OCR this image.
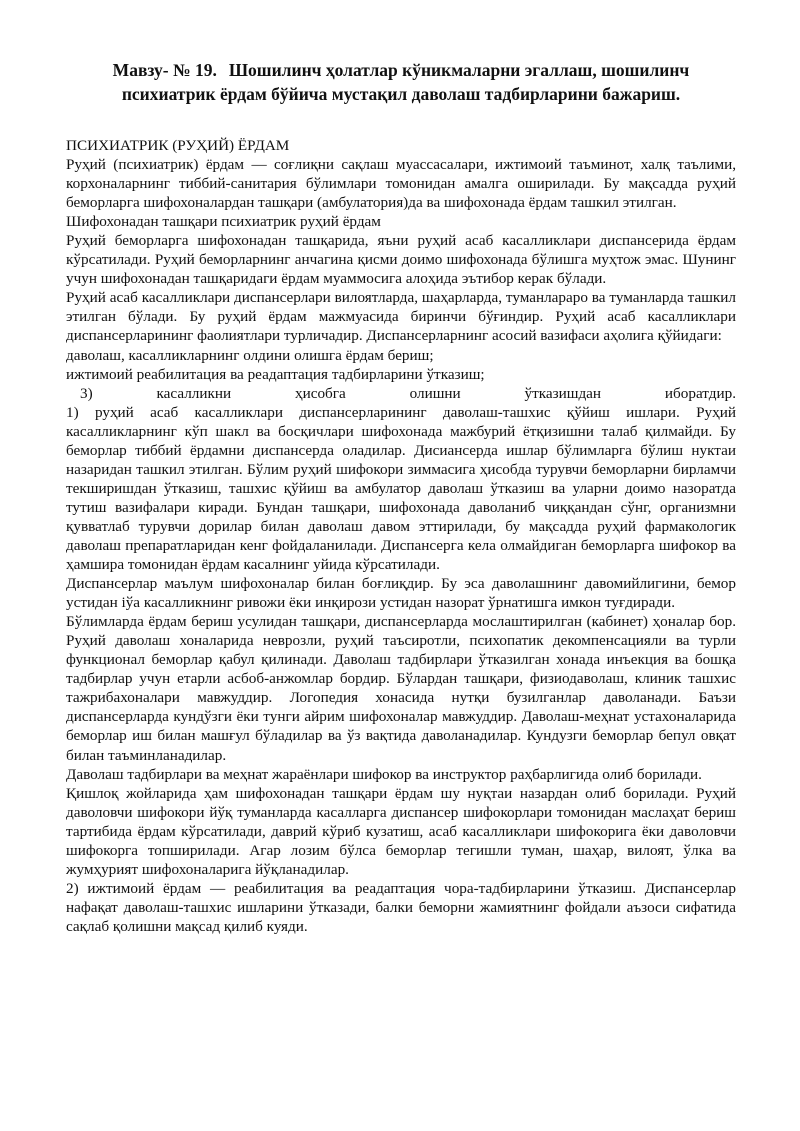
Мавзу- № 19. Шошилинч ҳолатлар кўникмаларни эгаллаш, шошилинч
психиатрик ёрдам бўйича мустақил даволаш тадбирларини бажариш.

ПСИХИАТРИК (РУҲИЙ) ЁРДАМ

Руҳий (психиатрик) ёрдам — соғлиқни сақлаш муассасалари, ижтимоий таъминот, халқ таълими, корхоналарнинг тиббий-санитария бўлимлари томонидан амалга оширилади. Бу мақсадда руҳий беморларга шифохоналардан ташқари (амбулатория)да ва шифохонада ёрдам ташкил этилган.

Шифохонадан ташқари психиатрик руҳий ёрдам

Руҳий беморларга шифохонадан ташқарида, яъни руҳий асаб касалликлари диспансерида ёрдам кўрсатилади. Руҳий беморларнинг анчагина қисми доимо шифохонада бўлишга муҳтож эмас. Шунинг учун шифохонадан ташқаридаги ёрдам муаммосига алоҳида эътибор керак бўлади.

Руҳий асаб касалликлари диспансерлари вилоятларда, шаҳарларда, туманлараро ва туманларда ташкил этилган бўлади. Бу руҳий ёрдам мажмуасида биринчи бўғиндир. Руҳий асаб касалликлари диспансерларининг фаолиятлари турличадир. Диспансерларнинг асосий вазифаси аҳолига қўйидаги:

даволаш, касалликларнинг олдини олишга ёрдам бериш;

ижтимоий реабилитация ва реадаптация тадбирларини ўтказиш;

3) касалликни ҳисобга олишни ўтказишдан иборатдир.

1) руҳий асаб касалликлари диспансерларининг даволаш-ташхис қўйиш ишлари. Руҳий касалликларнинг кўп шакл ва босқичлари шифохонада мажбурий ётқизишни талаб қилмайди. Бу беморлар тиббий ёрдамни диспансерда оладилар. Дисиансерда ишлар бўлимларга бўлиш нуктаи назаридан ташкил этилган. Бўлим руҳий шифокори зиммасига ҳисобда турувчи беморларни бирламчи текширишдан ўтказиш, ташхис қўйиш ва амбулатор даволаш ўтказиш ва уларни доимо назоратда тутиш вазифалари киради. Бундан ташқари, шифохонада даволаниб чиққандан сўнг, организмни қувватлаб турувчи дорилар билан даволаш давом эттирилади, бу мақсадда руҳий фармакологик даволаш препаратларидан кенг фойдаланилади. Диспансерга кела олмайдиган беморларга шифокор ва ҳамшира томонидан ёрдам касалнинг уйида кўрсатилади.

Диспансерлар маълум шифохоналар билан боғлиқдир. Бу эса даволашнинг давомийлигини, бемор устидан іўа касалликнинг ривожи ёки инқирози устидан назорат ўрнатишга имкон туғдиради.

Бўлимларда ёрдам бериш усулидан ташқари, диспансерларда мослаштирилган (кабинет) ҳоналар бор. Руҳий даволаш хоналарида неврозли, руҳий таъсиротли, психопатик декомпенсацияли ва турли функционал беморлар қабул қилинади. Даволаш тадбирлари ўтказилган хонада инъекция ва бошқа тадбирлар учун етарли асбоб-анжомлар бордир. Бўлардан ташқари, физиодаволаш, клиник ташхис тажрибахоналари мавжуддир. Логопедия хонасида нутқи бузилганлар даволанади. Баъзи диспансерларда кундўзги ёки тунги айрим шифохоналар мавжуддир. Даволаш-меҳнат устахоналарида беморлар иш билан машғул бўладилар ва ўз вақтида даволанадилар. Кундузги беморлар бепул овқат билан таъминланадилар.

Даволаш тадбирлари ва меҳнат жараёнлари шифокор ва инструктор раҳбарлигида олиб борилади.

Қишлоқ жойларида ҳам шифохонадан ташқари ёрдам шу нуқтаи назардан олиб борилади. Руҳий даволовчи шифокори йўқ туманларда касалларга диспансер шифокорлари томонидан маслаҳат бериш тартибида ёрдам кўрсатилади, даврий кўриб кузатиш, асаб касалликлари шифокорига ёки даволовчи шифокорга топширилади. Агар лозим бўлса беморлар тегишли туман, шаҳар, вилоят, ўлка ва жумҳурият шифохоналарига йўқланадилар.

2) ижтимоий ёрдам — реабилитация ва реадаптация чора-тадбирларини ўтказиш. Диспансерлар нафақат даволаш-ташхис ишларини ўтказади, балки беморни жамиятнинг фойдали аъзоси сифатида сақлаб қолишни мақсад қилиб куяди.
